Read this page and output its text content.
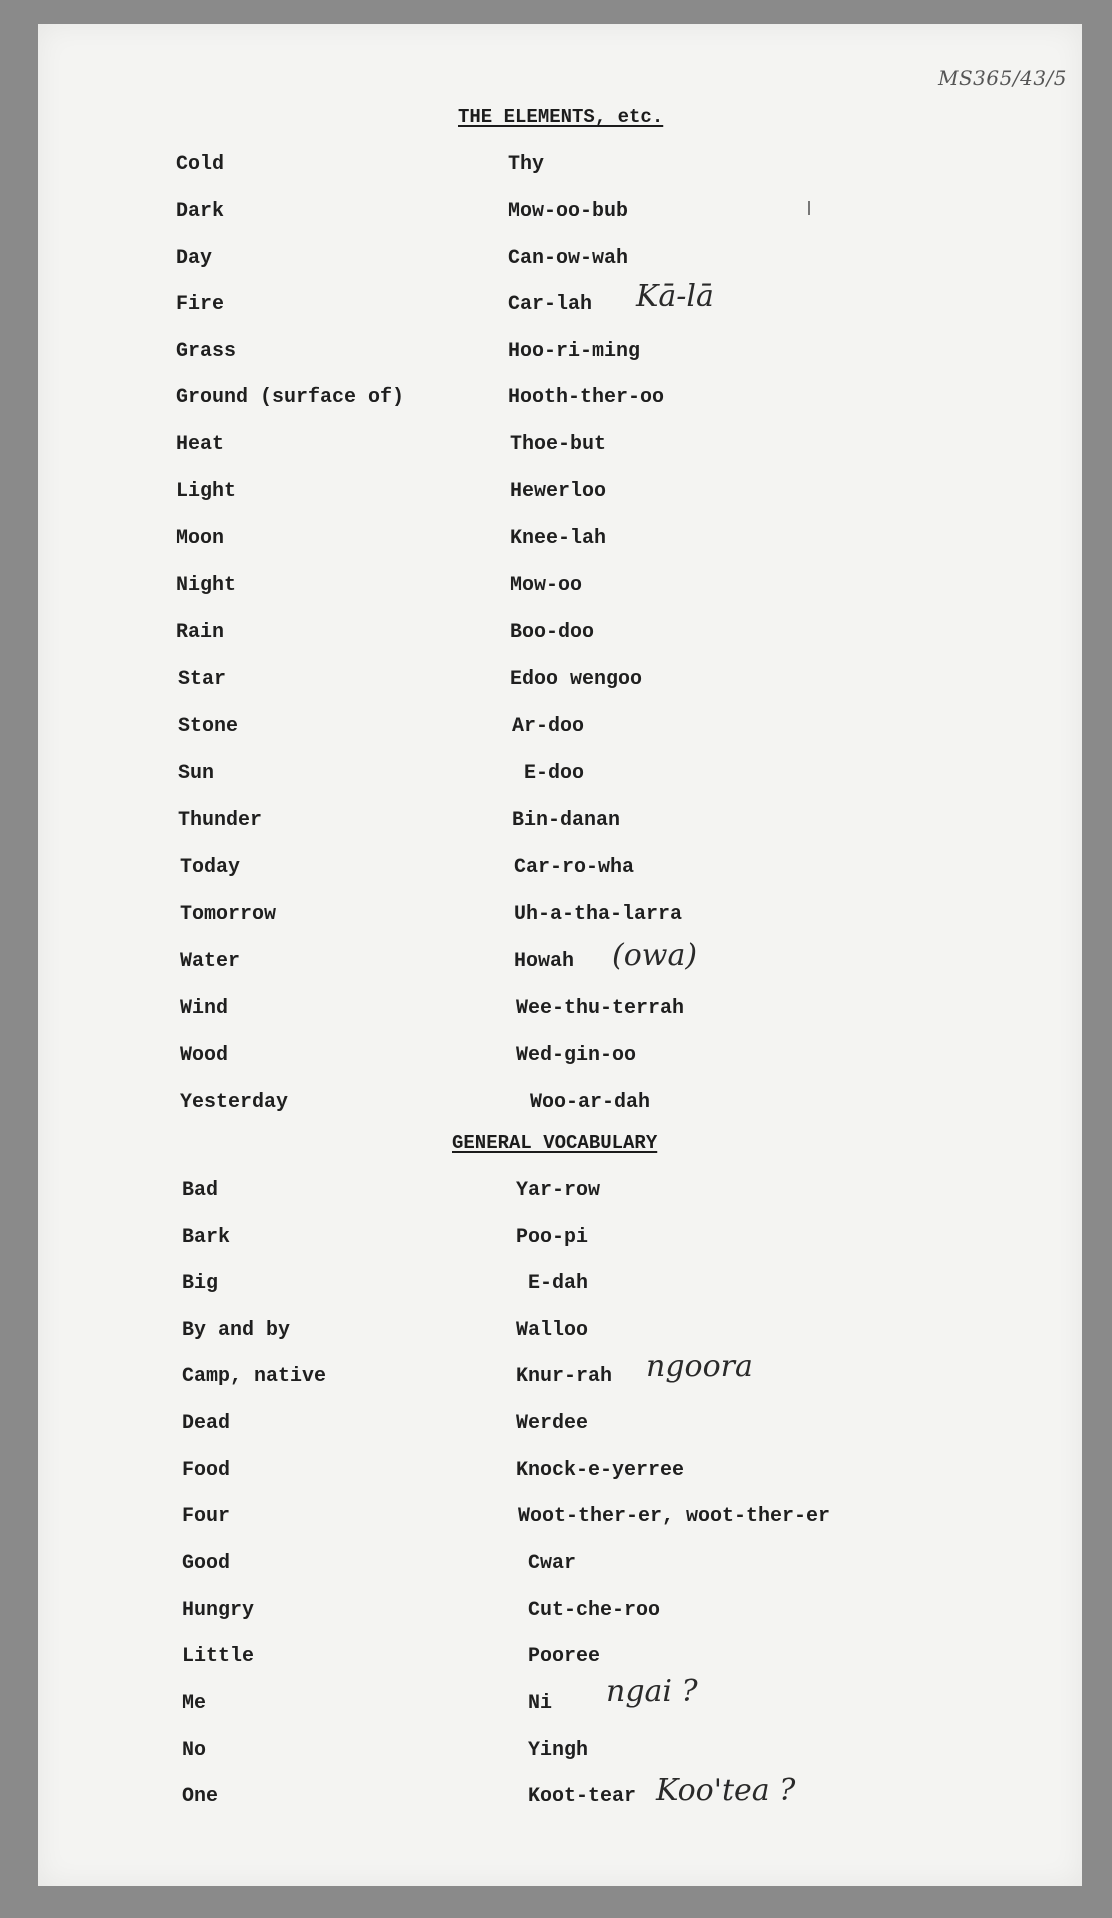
MS365/43/5
THE ELEMENTS, etc.
Cold	Thy
Dark	Mow-oo-bub
Day	Can-ow-wah
Fire	Car-lah Kā-lā
Grass	Hoo-ri-ming
Ground (surface of)	Hooth-ther-oo
Heat	Thoe-but
Light	Hewerloo
Moon	Knee-lah
Night	Mow-oo
Rain	Boo-doo
Star	Edoo wengoo
Stone	Ar-doo
Sun	E-doo
Thunder	Bin-danan
Today	Car-ro-wha
Tomorrow	Uh-a-tha-larra
Water	Howah (owa)
Wind	Wee-thu-terrah
Wood	Wed-gin-oo
Yesterday	Woo-ar-dah
GENERAL VOCABULARY
Bad	Yar-row
Bark	Poo-pi
Big	E-dah
By and by	Walloo
Camp, native	Knur-rah ngoora
Dead	Werdee
Food	Knock-e-yerree
Four	Woot-ther-er, woot-ther-er
Good	Cwar
Hungry	Cut-che-roo
Little	Pooree
Me	Ni ngai ?
No	Yingh
One	Koot-tear Koo'tea ?
